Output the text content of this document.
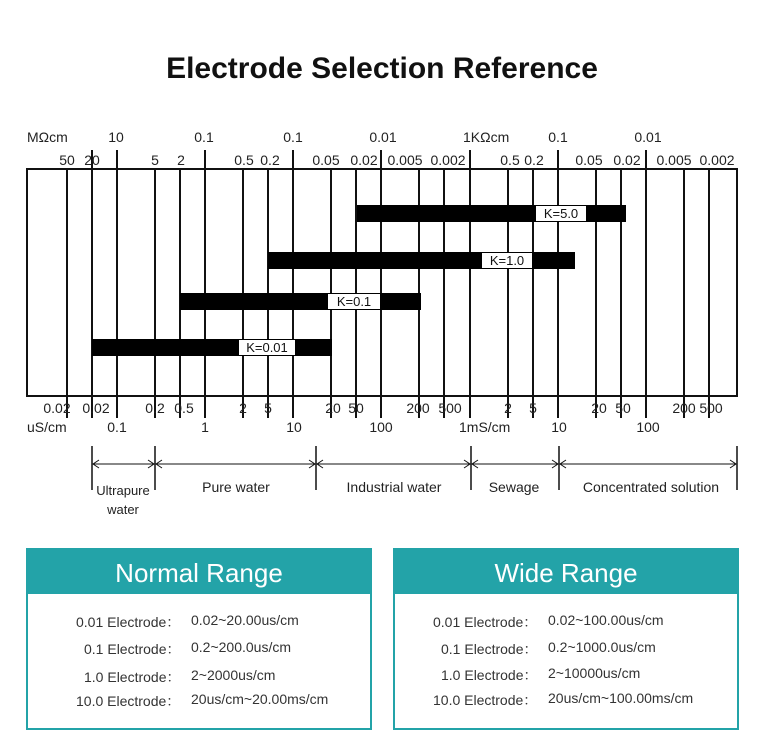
Electrode Selection Reference
K=5.0
K=1.0
K=0.1
K=0.01
MΩcm	1KΩcm
10	0.1	0.1	0.01	0.1	0.01
50 20	5 2	0.5 0.2 0.05 0.02 0.005 0.002 0.5 0.2 0.05 0.02 0.005 0.002
0.02 0.02	0.2 0.5	2 5	20 50	200 500	2 5	20 50	200 500
uS/cm	1mS/cm
0.1	1	10	100	10	100
Ultrapure water
Pure water	Industrial water	Sewage	Concentrated solution
Normal Range
0.01 Electrode： 0.02~20.00us/cm
0.1 Electrode： 0.2~200.0us/cm
1.0 Electrode： 2~2000us/cm
10.0 Electrode： 20us/cm~20.00ms/cm
Wide Range
0.01 Electrode： 0.02~100.00us/cm
0.1 Electrode： 0.2~1000.0us/cm
1.0 Electrode： 2~10000us/cm
10.0 Electrode： 20us/cm~100.00ms/cm
